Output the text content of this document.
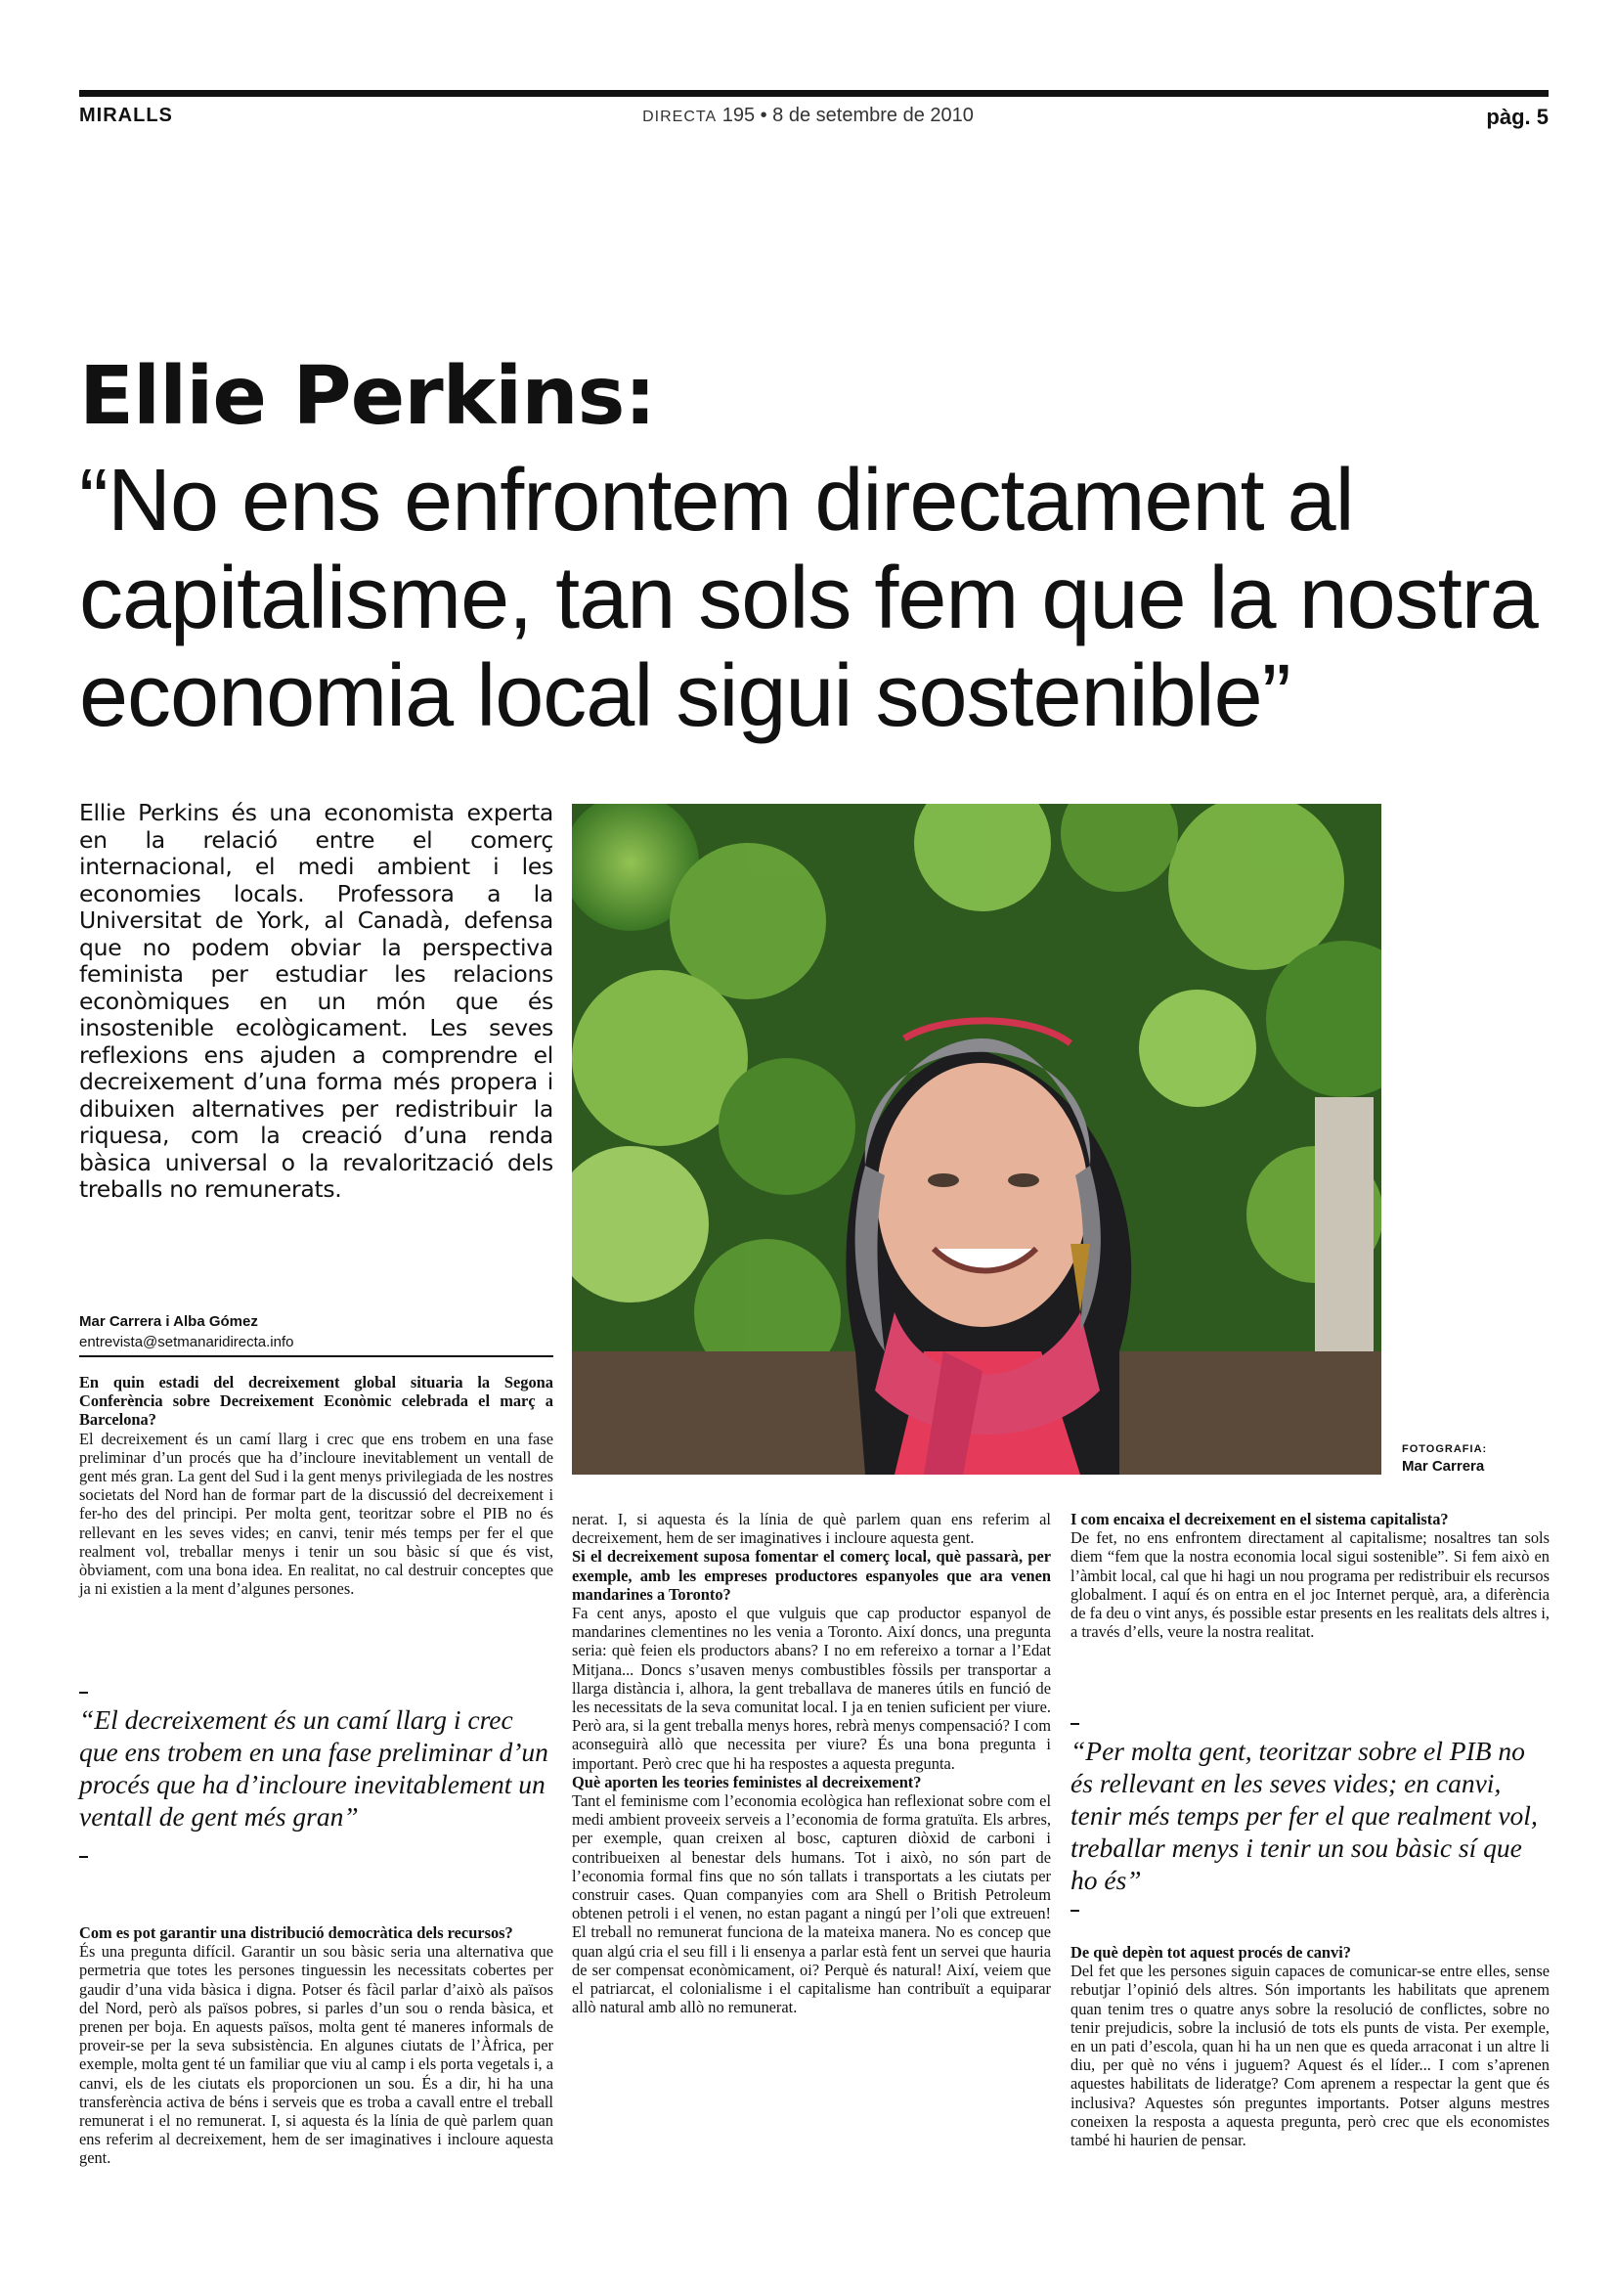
MIRALLS	DIRECTA 195 • 8 de setembre de 2010	pàg. 5
Ellie Perkins:
“No ens enfrontem directament al capitalisme, tan sols fem que la nostra economia local sigui sostenible”

Ellie Perkins és una economista experta en la relació entre el comerç internacional, el medi ambient i les economies locals. Professora a la Universitat de York, al Canadà, defensa que no podem obviar la perspectiva feminista per estudiar les relacions econòmiques en un món que és insostenible ecològicament. Les seves reflexions ens ajuden a comprendre el decreixement d’una forma més propera i dibuixen alternatives per redistribuir la riquesa, com la creació d’una renda bàsica universal o la revalorització dels treballs no remunerats.

FOTOGRAFIA:
Mar Carrera
Mar Carrera i Alba Gómez
entrevista@setmanaridirecta.info

En quin estadi del decreixement global situaria la Segona Conferència sobre Decreixement Econòmic celebrada el març a Barcelona?

El decreixement és un camí llarg i crec que ens trobem en una fase preliminar d’un procés que ha d’incloure inevitablement un ventall de gent més gran. La gent del Sud i la gent menys privilegiada de les nostres societats del Nord han de formar part de la discussió del decreixement i fer-ho des del principi. Per molta gent, teoritzar sobre el PIB no és rellevant en les seves vides; en canvi, tenir més temps per fer el que realment vol, treballar menys i tenir un sou bàsic sí que és vist, òbviament, com una bona idea. En realitat, no cal destruir conceptes que ja ni existien a la ment d’algunes persones.

“El decreixement és un camí llarg i crec que ens trobem en una fase preliminar d’un procés que ha d’incloure inevitablement un ventall de gent més gran”

Com es pot garantir una distribució democràtica dels recursos?

És una pregunta difícil. Garantir un sou bàsic seria una alternativa que permetria que totes les persones tinguessin les necessitats cobertes per gaudir d’una vida bàsica i digna. Potser és fàcil parlar d’això als països del Nord, però als països pobres, si parles d’un sou o renda bàsica, et prenen per boja. En aquests països, molta gent té maneres informals de proveir-se per la seva subsistència. En algunes ciutats de l’Àfrica, per exemple, molta gent té un familiar que viu al camp i els porta vegetals i, a canvi, els de les ciutats els proporcionen un sou. És a dir, hi ha una transferència activa de béns i serveis que es troba a cavall entre el treball remunerat i el no remunerat. I, si aquesta és la línia de què parlem quan ens referim al decreixement, hem de ser imaginatives i incloure aquesta gent.

nerat. I, si aquesta és la línia de què parlem quan ens referim al decreixement, hem de ser imaginatives i incloure aquesta gent.

Si el decreixement suposa fomentar el comerç local, què passarà, per exemple, amb les empreses productores espanyoles que ara venen mandarines a Toronto?

Fa cent anys, aposto el que vulguis que cap productor espanyol de mandarines clementines no les venia a Toronto. Així doncs, una pregunta seria: què feien els productors abans? I no em refereixo a tornar a l’Edat Mitjana... Doncs s’usaven menys combustibles fòssils per transportar a llarga distància i, alhora, la gent treballava de maneres útils en funció de les necessitats de la seva comunitat local. I ja en tenien suficient per viure. Però ara, si la gent treballa menys hores, rebrà menys compensació? I com aconseguirà allò que necessita per viure? És una bona pregunta i important. Però crec que hi ha respostes a aquesta pregunta.

Què aporten les teories feministes al decreixement?

Tant el feminisme com l’economia ecològica han reflexionat sobre com el medi ambient proveeix serveis a l’economia de forma gratuïta. Els arbres, per exemple, quan creixen al bosc, capturen diòxid de carboni i contribueixen al benestar dels humans. Tot i això, no són part de l’economia formal fins que no són tallats i transportats a les ciutats per construir cases. Quan companyies com ara Shell o British Petroleum obtenen petroli i el venen, no estan pagant a ningú per l’oli que extreuen! El treball no remunerat funciona de la mateixa manera. No es concep que quan algú cria el seu fill i li ensenya a parlar està fent un servei que hauria de ser compensat econòmicament, oi? Perquè és natural! Així, veiem que el patriarcat, el colonialisme i el capitalisme han contribuït a equiparar allò natural amb allò no remunerat.

I com encaixa el decreixement en el sistema capitalista?

De fet, no ens enfrontem directament al capitalisme; nosaltres tan sols diem “fem que la nostra economia local sigui sostenible”. Si fem això en l’àmbit local, cal que hi hagi un nou programa per redistribuir els recursos globalment. I aquí és on entra en el joc Internet perquè, ara, a diferència de fa deu o vint anys, és possible estar presents en les realitats dels altres i, a través d’ells, veure la nostra realitat.

“Per molta gent, teoritzar sobre el PIB no és rellevant en les seves vides; en canvi, tenir més temps per fer el que realment vol, treballar menys i tenir un sou bàsic sí que ho és”

De què depèn tot aquest procés de canvi?

Del fet que les persones siguin capaces de comunicar-se entre elles, sense rebutjar l’opinió dels altres. Són importants les habilitats que aprenem quan tenim tres o quatre anys sobre la resolució de conflictes, sobre no tenir prejudicis, sobre la inclusió de tots els punts de vista. Per exemple, en un pati d’escola, quan hi ha un nen que es queda arraconat i un altre li diu, per què no véns i juguem? Aquest és el líder... I com s’aprenen aquestes habilitats de lideratge? Com aprenem a respectar la gent que és inclusiva? Aquestes són preguntes importants. Potser alguns mestres coneixen la resposta a aquesta pregunta, però crec que els economistes també hi haurien de pensar.
